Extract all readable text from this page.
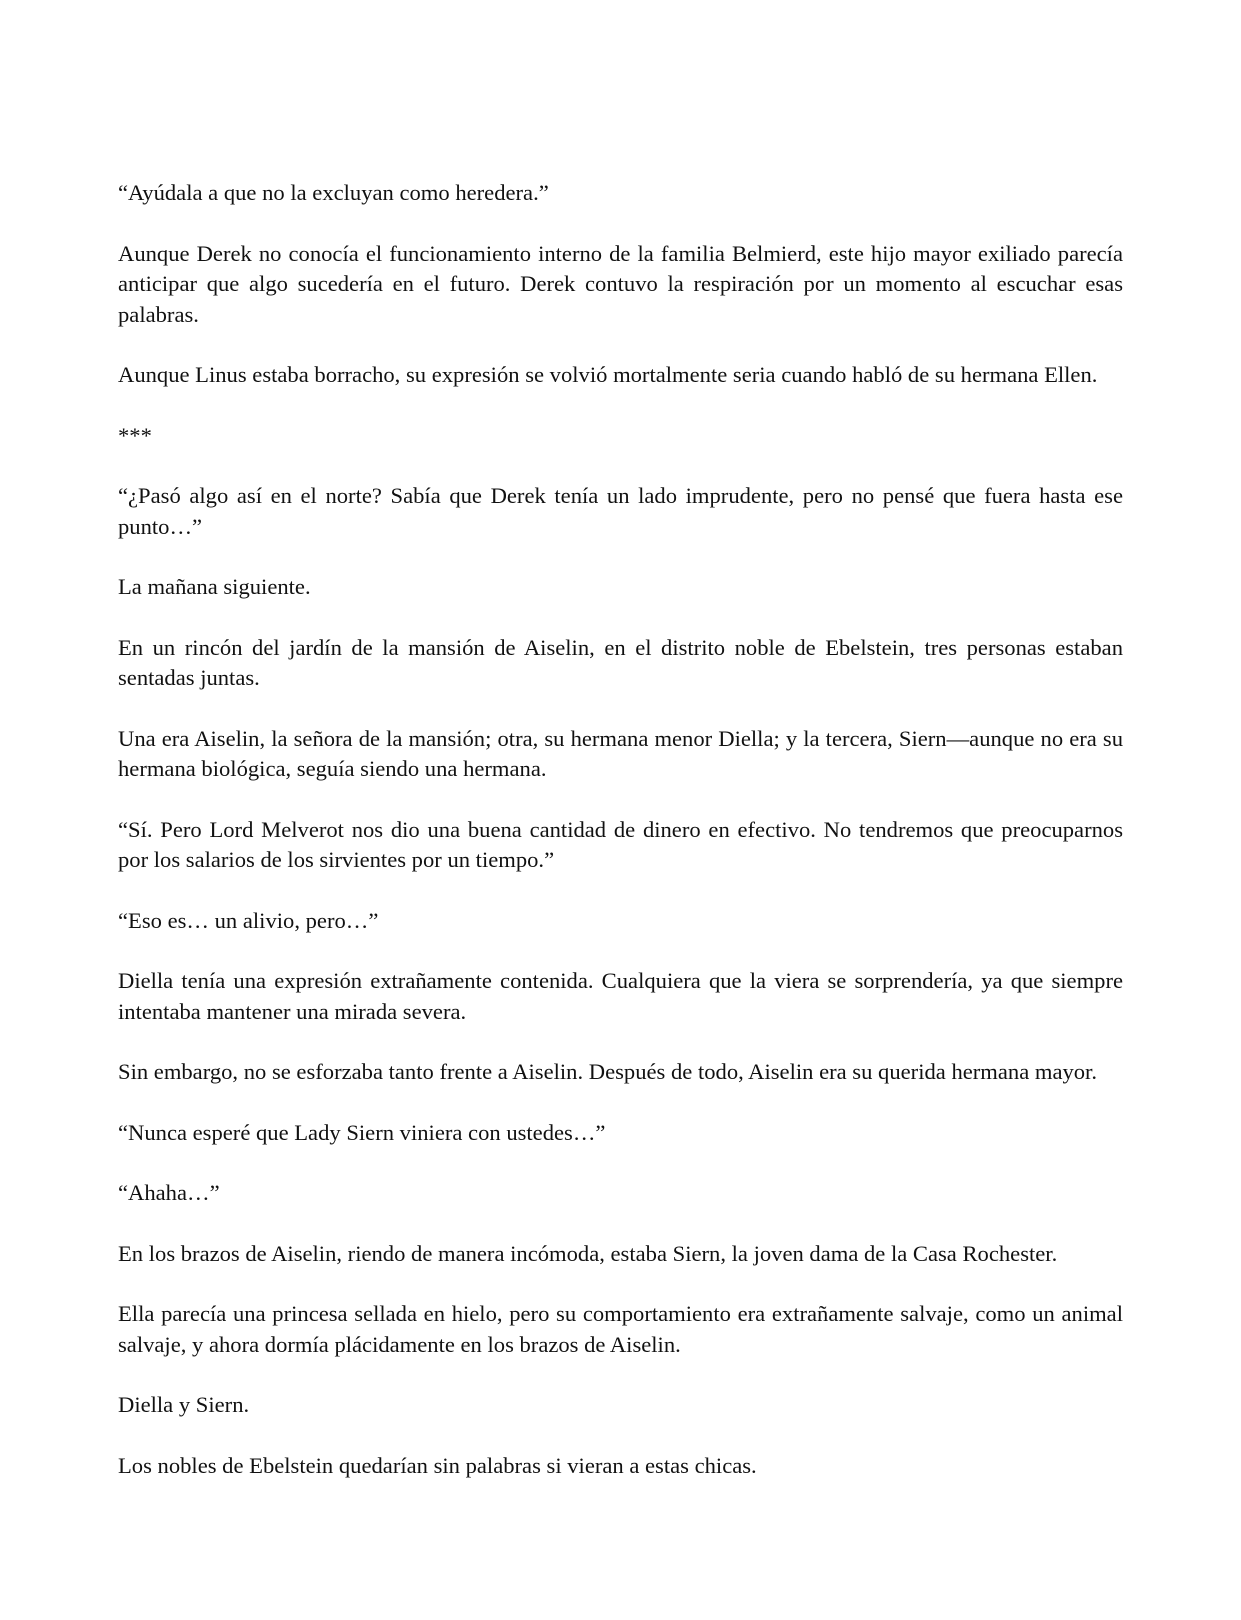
“Ayúdala a que no la excluyan como heredera.”

Aunque Derek no conocía el funcionamiento interno de la familia Belmierd, este hijo mayor exiliado parecía anticipar que algo sucedería en el futuro. Derek contuvo la respiración por un momento al escuchar esas palabras.

Aunque Linus estaba borracho, su expresión se volvió mortalmente seria cuando habló de su hermana Ellen.

***

“¿Pasó algo así en el norte? Sabía que Derek tenía un lado imprudente, pero no pensé que fuera hasta ese punto…”

La mañana siguiente.

En un rincón del jardín de la mansión de Aiselin, en el distrito noble de Ebelstein, tres personas estaban sentadas juntas.

Una era Aiselin, la señora de la mansión; otra, su hermana menor Diella; y la tercera, Siern—aunque no era su hermana biológica, seguía siendo una hermana.

“Sí. Pero Lord Melverot nos dio una buena cantidad de dinero en efectivo. No tendremos que preocuparnos por los salarios de los sirvientes por un tiempo.”

“Eso es… un alivio, pero…”

Diella tenía una expresión extrañamente contenida. Cualquiera que la viera se sorprendería, ya que siempre intentaba mantener una mirada severa.

Sin embargo, no se esforzaba tanto frente a Aiselin. Después de todo, Aiselin era su querida hermana mayor.

“Nunca esperé que Lady Siern viniera con ustedes…”

“Ahaha…”

En los brazos de Aiselin, riendo de manera incómoda, estaba Siern, la joven dama de la Casa Rochester.

Ella parecía una princesa sellada en hielo, pero su comportamiento era extrañamente salvaje, como un animal salvaje, y ahora dormía plácidamente en los brazos de Aiselin.

Diella y Siern.

Los nobles de Ebelstein quedarían sin palabras si vieran a estas chicas.
